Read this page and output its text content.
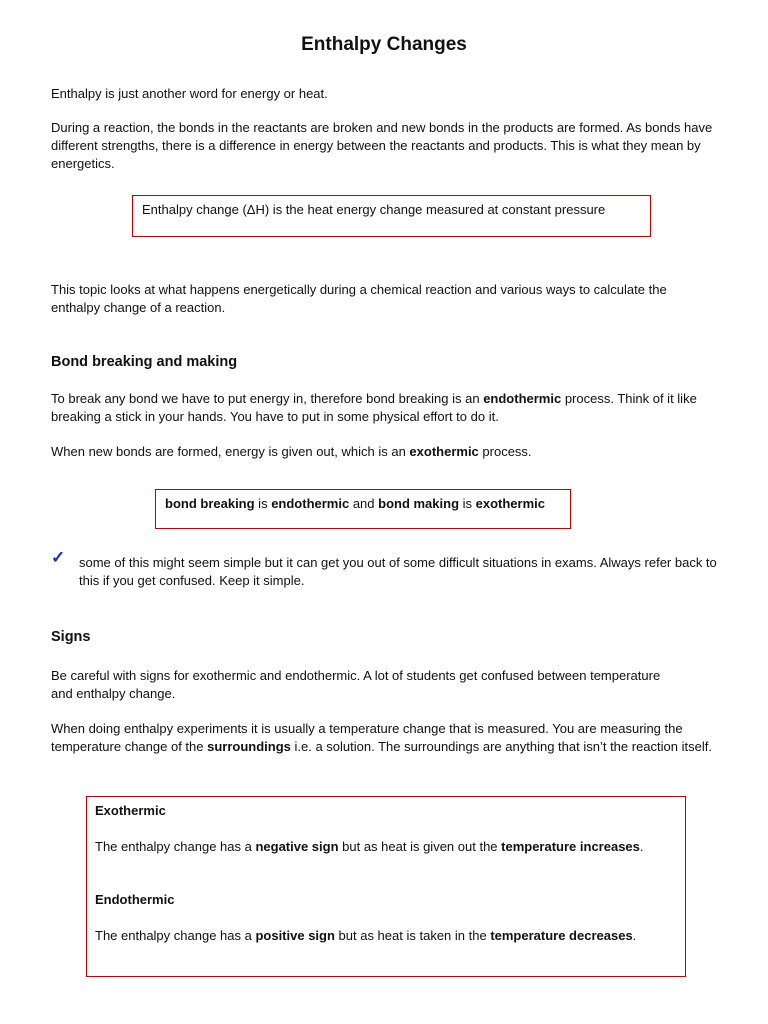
Enthalpy Changes

Enthalpy is just another word for energy or heat.

During a reaction, the bonds in the reactants are broken and new bonds in the products are formed. As bonds have different strengths, there is a difference in energy between the reactants and products. This is what they mean by energetics.

Enthalpy change (ΔH) is the heat energy change measured at constant pressure

This topic looks at what happens energetically during a chemical reaction and various ways to calculate the enthalpy change of a reaction.

Bond breaking and making

To break any bond we have to put energy in, therefore bond breaking is an endothermic process. Think of it like breaking a stick in your hands. You have to put in some physical effort to do it.

When new bonds are formed, energy is given out, which is an exothermic process.

bond breaking is endothermic and bond making is exothermic

✓ some of this might seem simple but it can get you out of some difficult situations in exams. Always refer back to this if you get confused. Keep it simple.

Signs

Be careful with signs for exothermic and endothermic. A lot of students get confused between temperature and enthalpy change.

When doing enthalpy experiments it is usually a temperature change that is measured. You are measuring the temperature change of the surroundings i.e. a solution. The surroundings are anything that isn’t the reaction itself.

Exothermic

The enthalpy change has a negative sign but as heat is given out the temperature increases.

Endothermic

The enthalpy change has a positive sign but as heat is taken in the temperature decreases.
